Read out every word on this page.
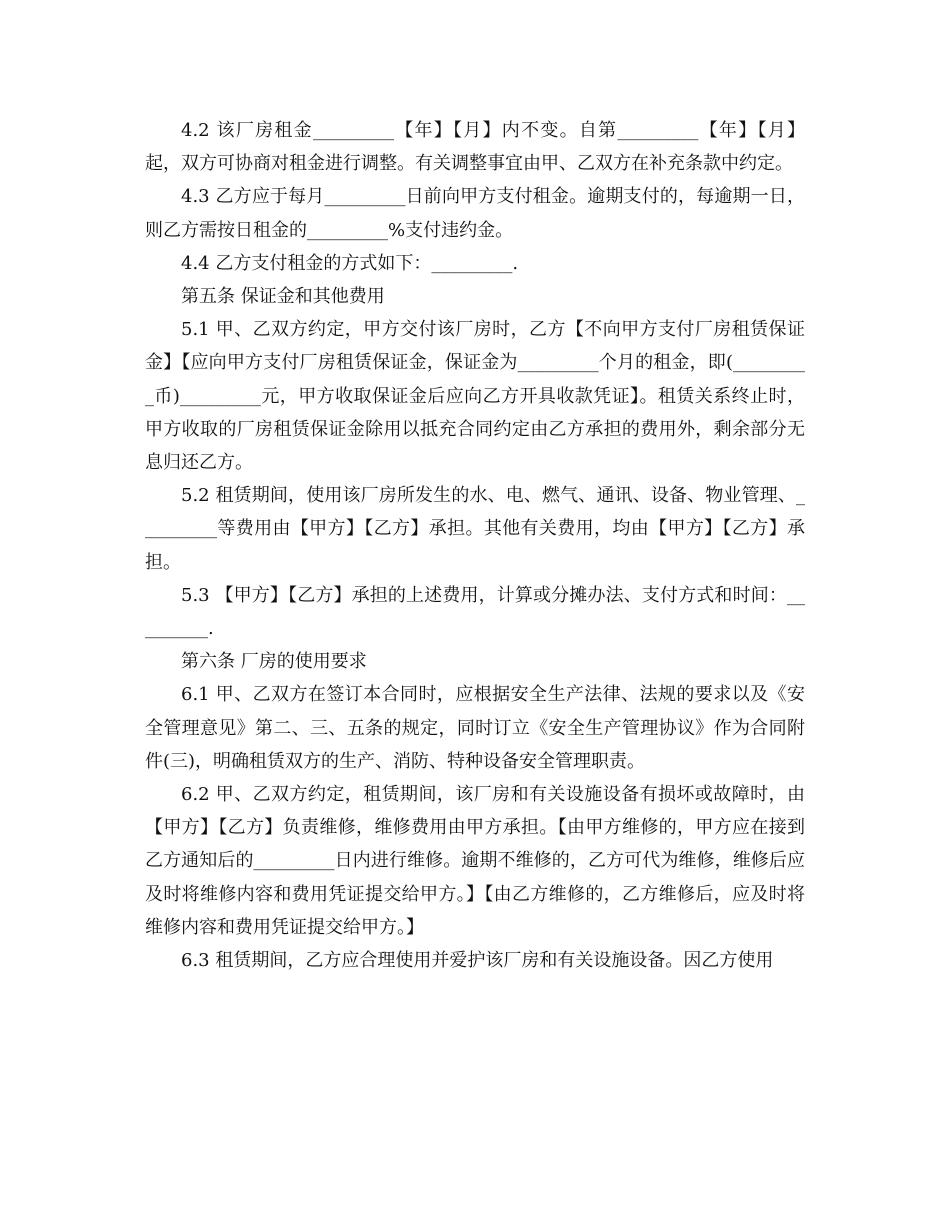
4.2 该厂房租金_________【年】【月】内不变。自第_________【年】【月】起，双方可协商对租金进行调整。有关调整事宜由甲、乙双方在补充条款中约定。

4.3 乙方应于每月_________日前向甲方支付租金。逾期支付的，每逾期一日，则乙方需按日租金的_________%支付违约金。

4.4 乙方支付租金的方式如下：_________.

第五条 保证金和其他费用

5.1 甲、乙双方约定，甲方交付该厂房时，乙方【不向甲方支付厂房租赁保证金】【应向甲方支付厂房租赁保证金，保证金为_________个月的租金，即(_________币)_________元，甲方收取保证金后应向乙方开具收款凭证】。租赁关系终止时，甲方收取的厂房租赁保证金除用以抵充合同约定由乙方承担的费用外，剩余部分无息归还乙方。

5.2 租赁期间，使用该厂房所发生的水、电、燃气、通讯、设备、物业管理、_________等费用由【甲方】【乙方】承担。其他有关费用，均由【甲方】【乙方】承担。

5.3 【甲方】【乙方】承担的上述费用，计算或分摊办法、支付方式和时间：_________.

第六条 厂房的使用要求

6.1 甲、乙双方在签订本合同时，应根据安全生产法律、法规的要求以及《安全管理意见》第二、三、五条的规定，同时订立《安全生产管理协议》作为合同附件(三)，明确租赁双方的生产、消防、特种设备安全管理职责。

6.2 甲、乙双方约定，租赁期间，该厂房和有关设施设备有损坏或故障时，由【甲方】【乙方】负责维修，维修费用由甲方承担。【由甲方维修的，甲方应在接到乙方通知后的_________日内进行维修。逾期不维修的，乙方可代为维修，维修后应及时将维修内容和费用凭证提交给甲方。】【由乙方维修的，乙方维修后，应及时将维修内容和费用凭证提交给甲方。】

6.3 租赁期间，乙方应合理使用并爱护该厂房和有关设施设备。因乙方使用
